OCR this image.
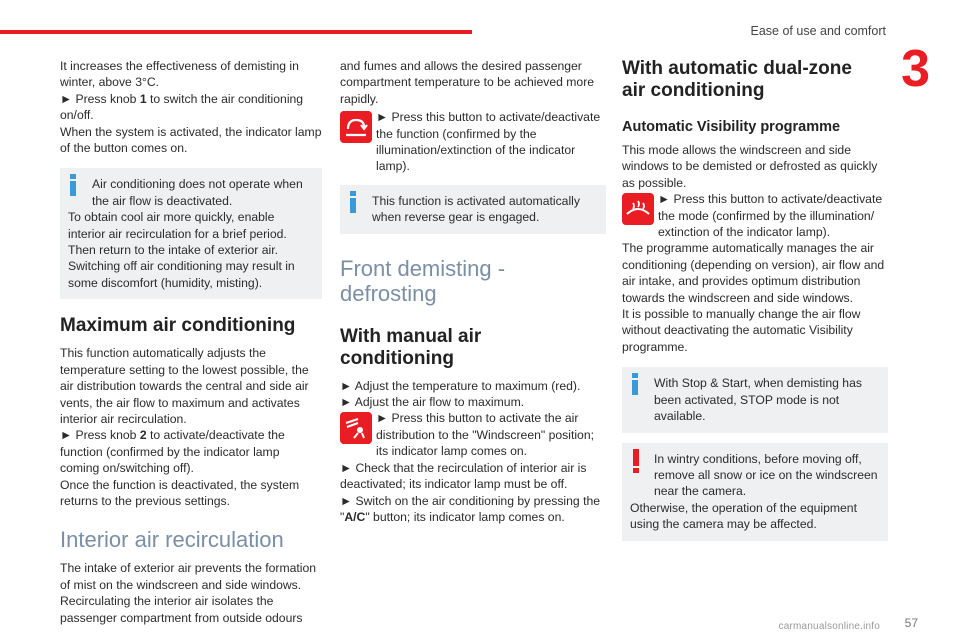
Ease of use and comfort
3

It increases the effectiveness of demisting in winter, above 3°C.

► Press knob 1 to switch the air conditioning on/off.

When the system is activated, the indicator lamp of the button comes on.

Air conditioning does not operate when the air flow is deactivated.

To obtain cool air more quickly, enable interior air recirculation for a brief period. Then return to the intake of exterior air.

Switching off air conditioning may result in some discomfort (humidity, misting).

Maximum air conditioning

This function automatically adjusts the temperature setting to the lowest possible, the air distribution towards the central and side air vents, the air flow to maximum and activates interior air recirculation.

► Press knob 2 to activate/deactivate the function (confirmed by the indicator lamp coming on/switching off).

Once the function is deactivated, the system returns to the previous settings.

Interior air recirculation

The intake of exterior air prevents the formation of mist on the windscreen and side windows. Recirculating the interior air isolates the passenger compartment from outside odours

and fumes and allows the desired passenger compartment temperature to be achieved more rapidly.

► Press this button to activate/deactivate the function (confirmed by the illumination/extinction of the indicator lamp).

This function is activated automatically when reverse gear is engaged.

Front demisting - defrosting

With manual air conditioning

► Adjust the temperature to maximum (red).

► Adjust the air flow to maximum.

► Press this button to activate the air distribution to the "Windscreen" position; its indicator lamp comes on.

► Check that the recirculation of interior air is deactivated; its indicator lamp must be off.

► Switch on the air conditioning by pressing the "A/C" button; its indicator lamp comes on.

With automatic dual-zone air conditioning

Automatic Visibility programme

This mode allows the windscreen and side windows to be demisted or defrosted as quickly as possible.

► Press this button to activate/deactivate the mode (confirmed by the illumination/ extinction of the indicator lamp).

The programme automatically manages the air conditioning (depending on version), air flow and air intake, and provides optimum distribution towards the windscreen and side windows.

It is possible to manually change the air flow without deactivating the automatic Visibility programme.

With Stop & Start, when demisting has been activated, STOP mode is not available.

In wintry conditions, before moving off, remove all snow or ice on the windscreen near the camera.

Otherwise, the operation of the equipment using the camera may be affected.

carmanualsonline.info 57
